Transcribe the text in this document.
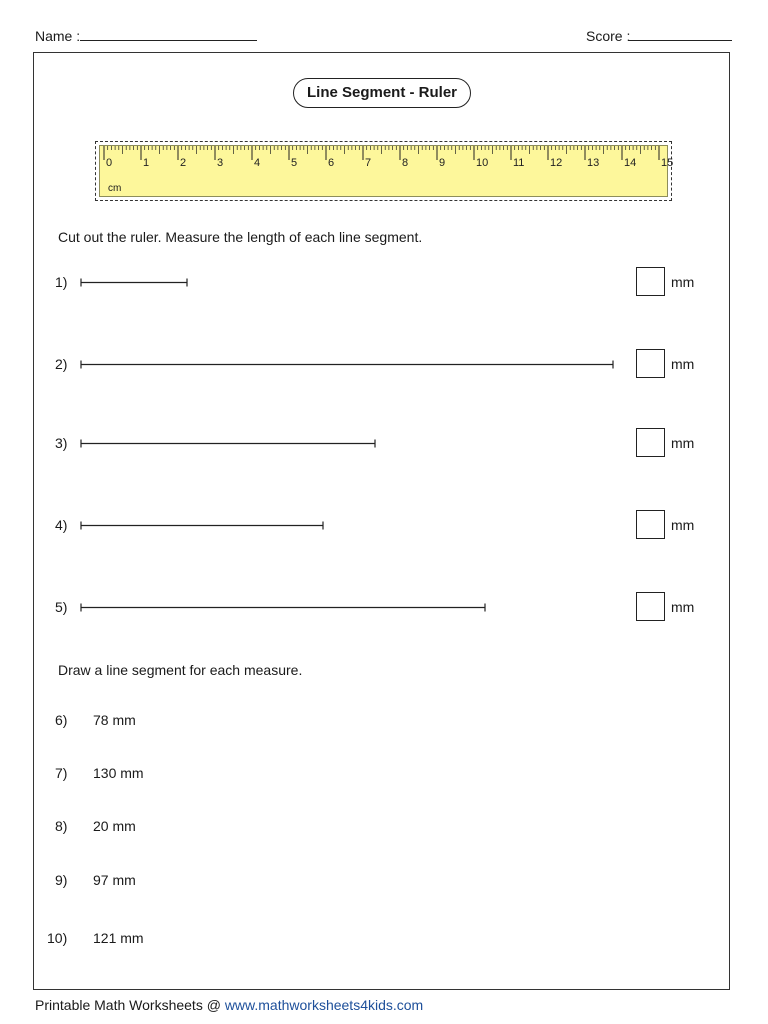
Name :	Score :
Line Segment - Ruler
0	1	2	3	4	5	6	7	8	9	10 11 12 13 14 15
cm
Cut out the ruler. Measure the length of each line segment.
Draw a line segment for each measure.
Printable Math Worksheets @ www.mathworksheets4kids.com
1)	mm
2)	mm
3)	mm
4)	mm
5)	mm
6) 78 mm
7) 130 mm
8) 20 mm
9) 97 mm
10) 121 mm
